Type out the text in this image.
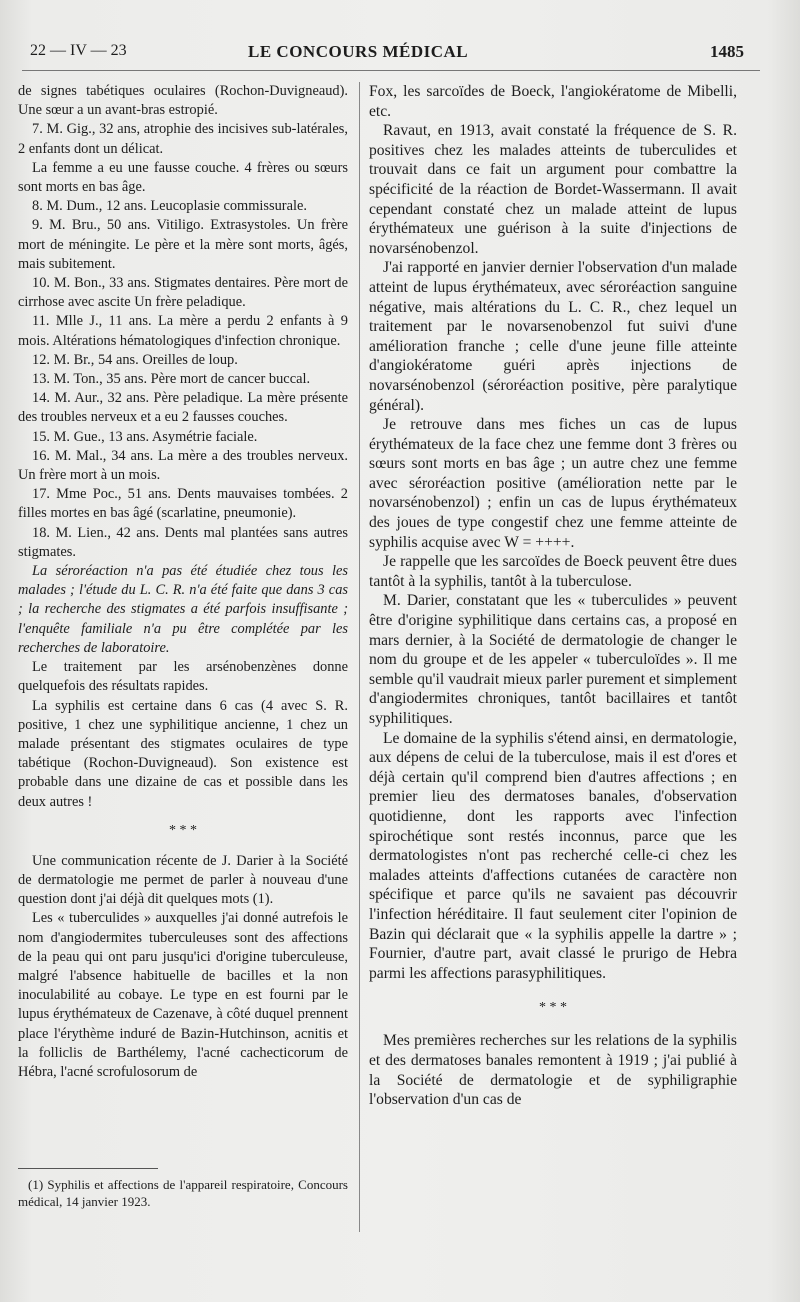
22 — IV — 23	LE CONCOURS MÉDICAL	1485

de signes tabétiques oculaires (Rochon-Duvigneaud). Une sœur a un avant-bras estropié.

7. M. Gig., 32 ans, atrophie des incisives sub-latérales, 2 enfants dont un délicat.

La femme a eu une fausse couche. 4 frères ou sœurs sont morts en bas âge.

8. M. Dum., 12 ans. Leucoplasie commissurale.

9. M. Bru., 50 ans. Vitiligo. Extrasystoles. Un frère mort de méningite. Le père et la mère sont morts, âgés, mais subitement.

10. M. Bon., 33 ans. Stigmates dentaires. Père mort de cirrhose avec ascite Un frère peladique.

11. Mlle J., 11 ans. La mère a perdu 2 enfants à 9 mois. Altérations hématologiques d'infection chronique.

12. M. Br., 54 ans. Oreilles de loup.

13. M. Ton., 35 ans. Père mort de cancer buccal.

14. M. Aur., 32 ans. Père peladique. La mère présente des troubles nerveux et a eu 2 fausses couches.

15. M. Gue., 13 ans. Asymétrie faciale.

16. M. Mal., 34 ans. La mère a des troubles nerveux. Un frère mort à un mois.

17. Mme Poc., 51 ans. Dents mauvaises tombées. 2 filles mortes en bas âgé (scarlatine, pneumonie).

18. M. Lien., 42 ans. Dents mal plantées sans autres stigmates.

La séroréaction n'a pas été étudiée chez tous les malades ; l'étude du L. C. R. n'a été faite que dans 3 cas ; la recherche des stigmates a été parfois insuffisante ; l'enquête familiale n'a pu être complétée par les recherches de laboratoire.

Le traitement par les arsénobenzènes donne quelquefois des résultats rapides.

La syphilis est certaine dans 6 cas (4 avec S. R. positive, 1 chez une syphilitique ancienne, 1 chez un malade présentant des stigmates oculaires de type tabétique (Rochon-Duvigneaud). Son existence est probable dans une dizaine de cas et possible dans les deux autres !

* * *

Une communication récente de J. Darier à la Société de dermatologie me permet de parler à nouveau d'une question dont j'ai déjà dit quelques mots (1).

Les « tuberculides » auxquelles j'ai donné autrefois le nom d'angiodermites tuberculeuses sont des affections de la peau qui ont paru jusqu'ici d'origine tuberculeuse, malgré l'absence habituelle de bacilles et la non inoculabilité au cobaye. Le type en est fourni par le lupus érythémateux de Cazenave, à côté duquel prennent place l'érythème induré de Bazin-Hutchinson, acnitis et la folliclis de Barthélemy, l'acné cachecticorum de Hébra, l'acné scrofulosorum de

(1) Syphilis et affections de l'appareil respiratoire, Concours médical, 14 janvier 1923.

Fox, les sarcoïdes de Boeck, l'angiokératome de Mibelli, etc.

Ravaut, en 1913, avait constaté la fréquence de S. R. positives chez les malades atteints de tuberculides et trouvait dans ce fait un argument pour combattre la spécificité de la réaction de Bordet-Wassermann. Il avait cependant constaté chez un malade atteint de lupus érythémateux une guérison à la suite d'injections de novarsénobenzol.

J'ai rapporté en janvier dernier l'observation d'un malade atteint de lupus érythémateux, avec séroréaction sanguine négative, mais altérations du L. C. R., chez lequel un traitement par le novarsenobenzol fut suivi d'une amélioration franche ; celle d'une jeune fille atteinte d'angiokératome guéri après injections de novarsénobenzol (séroréaction positive, père paralytique général).

Je retrouve dans mes fiches un cas de lupus érythémateux de la face chez une femme dont 3 frères ou sœurs sont morts en bas âge ; un autre chez une femme avec séroréaction positive (amélioration nette par le novarsénobenzol) ; enfin un cas de lupus érythémateux des joues de type congestif chez une femme atteinte de syphilis acquise avec W = ++++.

Je rappelle que les sarcoïdes de Boeck peuvent être dues tantôt à la syphilis, tantôt à la tuberculose.

M. Darier, constatant que les « tuberculides » peuvent être d'origine syphilitique dans certains cas, a proposé en mars dernier, à la Société de dermatologie de changer le nom du groupe et de les appeler « tuberculoïdes ». Il me semble qu'il vaudrait mieux parler purement et simplement d'angiodermites chroniques, tantôt bacillaires et tantôt syphilitiques.

Le domaine de la syphilis s'étend ainsi, en dermatologie, aux dépens de celui de la tuberculose, mais il est d'ores et déjà certain qu'il comprend bien d'autres affections ; en premier lieu des dermatoses banales, d'observation quotidienne, dont les rapports avec l'infection spirochétique sont restés inconnus, parce que les dermatologistes n'ont pas recherché celle-ci chez les malades atteints d'affections cutanées de caractère non spécifique et parce qu'ils ne savaient pas découvrir l'infection héréditaire. Il faut seulement citer l'opinion de Bazin qui déclarait que « la syphilis appelle la dartre » ; Fournier, d'autre part, avait classé le prurigo de Hebra parmi les affections parasyphilitiques.

* * *

Mes premières recherches sur les relations de la syphilis et des dermatoses banales remontent à 1919 ; j'ai publié à la Société de dermatologie et de syphiligraphie l'observation d'un cas de
